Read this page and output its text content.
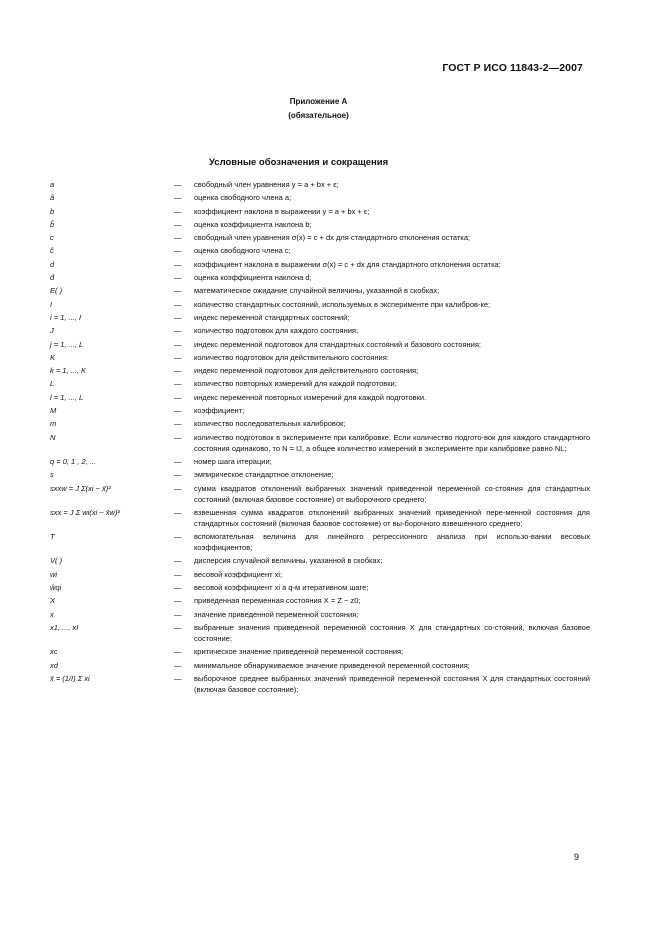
ГОСТ Р ИСО 11843-2—2007
Приложение А
(обязательное)
Условные обозначения и сокращения
a	— свободный член уравнения y = a + bx + ε;
â	— оценка свободного члена a;
b	— коэффициент наклона в выражении y = a + bx + ε;
b̂	— оценка коэффициента наклона b;
c	— свободный член уравнения σ(x) = c + dx для стандартного отклонения остатка;
ĉ	— оценка свободного члена c;
d	— коэффициент наклона в выражении σ(x) = c + dx для стандартного отклонения остатка;
d̂	— оценка коэффициента наклона d;
E( )	— математическое ожидание случайной величины, указанной в скобках;
I	— количество стандартных состояний, используемых в эксперименте при калибров-ке;
i = 1, ..., I	— индекс переменной стандартных состояний;
J	— количество подготовок для каждого состояния;
j = 1, ..., L	— индекс переменной подготовок для стандартных состояний и базового состояния;
K	— количество подготовок для действительного состояния:
k = 1, ..., K	— индекс переменной подготовок для действительного состояния;
L	— количество повторных измерений для каждой подготовки;
l = 1, ..., L	— индекс переменной повторных измерений для каждой подготовки.
M	— коэффициент;
m	— количество последовательных калибровок;
N	— количество подготовок в эксперименте при калибровке. Если количество подгото-вок для каждого стандартного состояния одинаково, то N = IJ, а общее количество измерений в эксперименте при калибровке равно NL;
q = 0, 1 , 2, ...	— номер шага итерации;
s	— эмпирическое стандартное отклонение;
sxxw = J Σ(xi − x̄)²	— сумма квадратов отклонений выбранных значений приведенной переменной со-стояния для стандартных состояний (включая базовое состояние) от выборочного среднего;
sxx = J Σ wi(xi − x̄w)²	— взвешенная сумма квадратов отклонений выбранных значений приведенной пере-менной состояния для стандартных состояний (включая базовое состояние) от вы-борочного взвешенного среднего;
T	— вспомогательная величина для линейного регрессионного анализа при использо-вании весовых коэффициентов;
V( )	— дисперсия случайной величины, указанной в скобках;
wi	— весовой коэффициент xi;
ŵqi	— весовой коэффициент xi a q-м итеративном шаге;
X	— приведенная переменная состояния X = Z − z0;
x	— значение приведенной переменной состояния;
x1, ..., xI	— выбранные значения приведенной переменной состояния X для стандартных со-стояний, включая базовое состояние;
xc	— критическое значение приведенной переменной состояния;
xd	— минимальное обнаруживаемое значение приведенной переменной состояния;
x̄ = (1/I) Σ xi	— выборочное среднее выбранных значений приведенной переменной состояния X для стандартных состояний (включая базовое состояние);
9
